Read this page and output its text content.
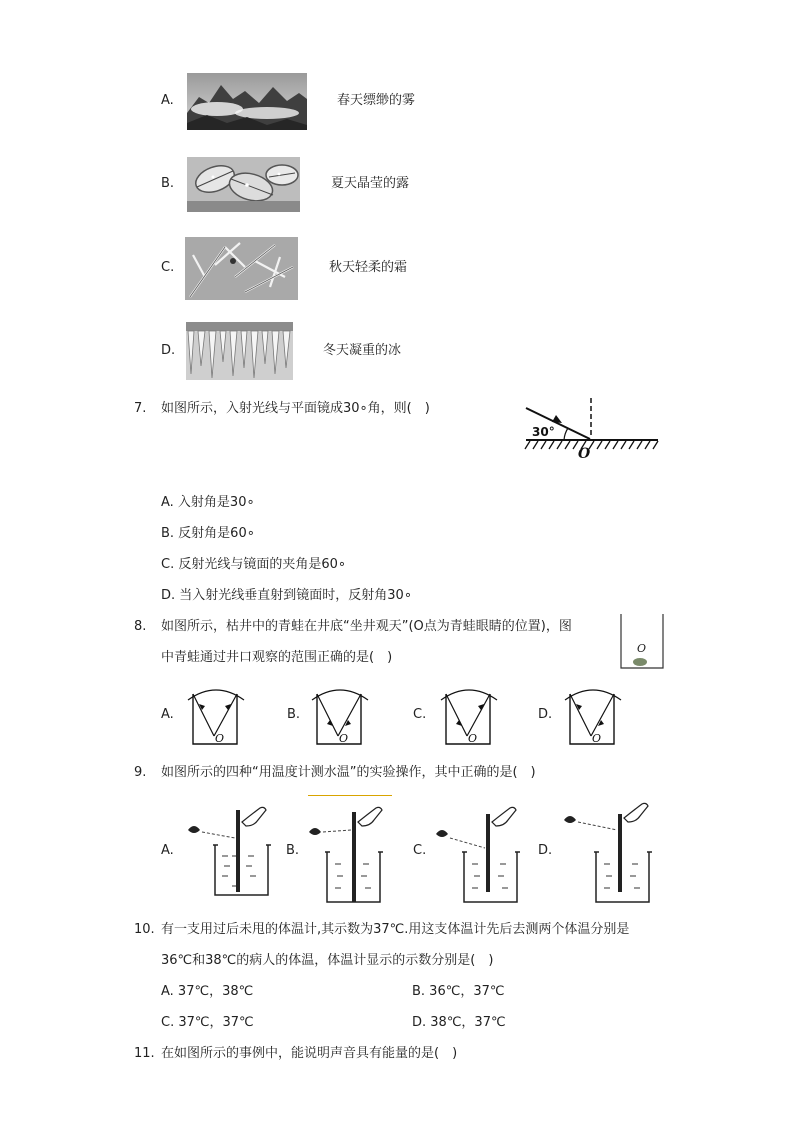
A.	春天缥缈的雾
B.	夏天晶莹的露
C.	秋天轻柔的霜
D.	冬天凝重的冰
7. 如图所示，入射光线与平面镜成30∘角，则(　)
30°
O
A. 入射角是30∘
B. 反射角是60∘
C. 反射光线与镜面的夹角是60∘
D. 当入射光线垂直射到镜面时，反射角30∘
8. 如图所示，枯井中的青蛙在井底“坐井观天”(O点为青蛙眼睛的位置)，图
中青蛙通过井口观察的范围正确的是(　)
O
A.
O
B.
O
C.
O
D.
O
9. 如图所示的四种“用温度计测水温”的实验操作，其中正确的是(　)
A.	B.	C.	D.
10. 有一支用过后未甩的体温计,其示数为37℃.用这支体温计先后去测两个体温分别是
36℃和38℃的病人的体温，体温计显示的示数分别是(　)
A. 37℃，38℃	B. 36℃，37℃
C. 37℃，37℃	D. 38℃，37℃
11. 在如图所示的事例中，能说明声音具有能量的是(　)
